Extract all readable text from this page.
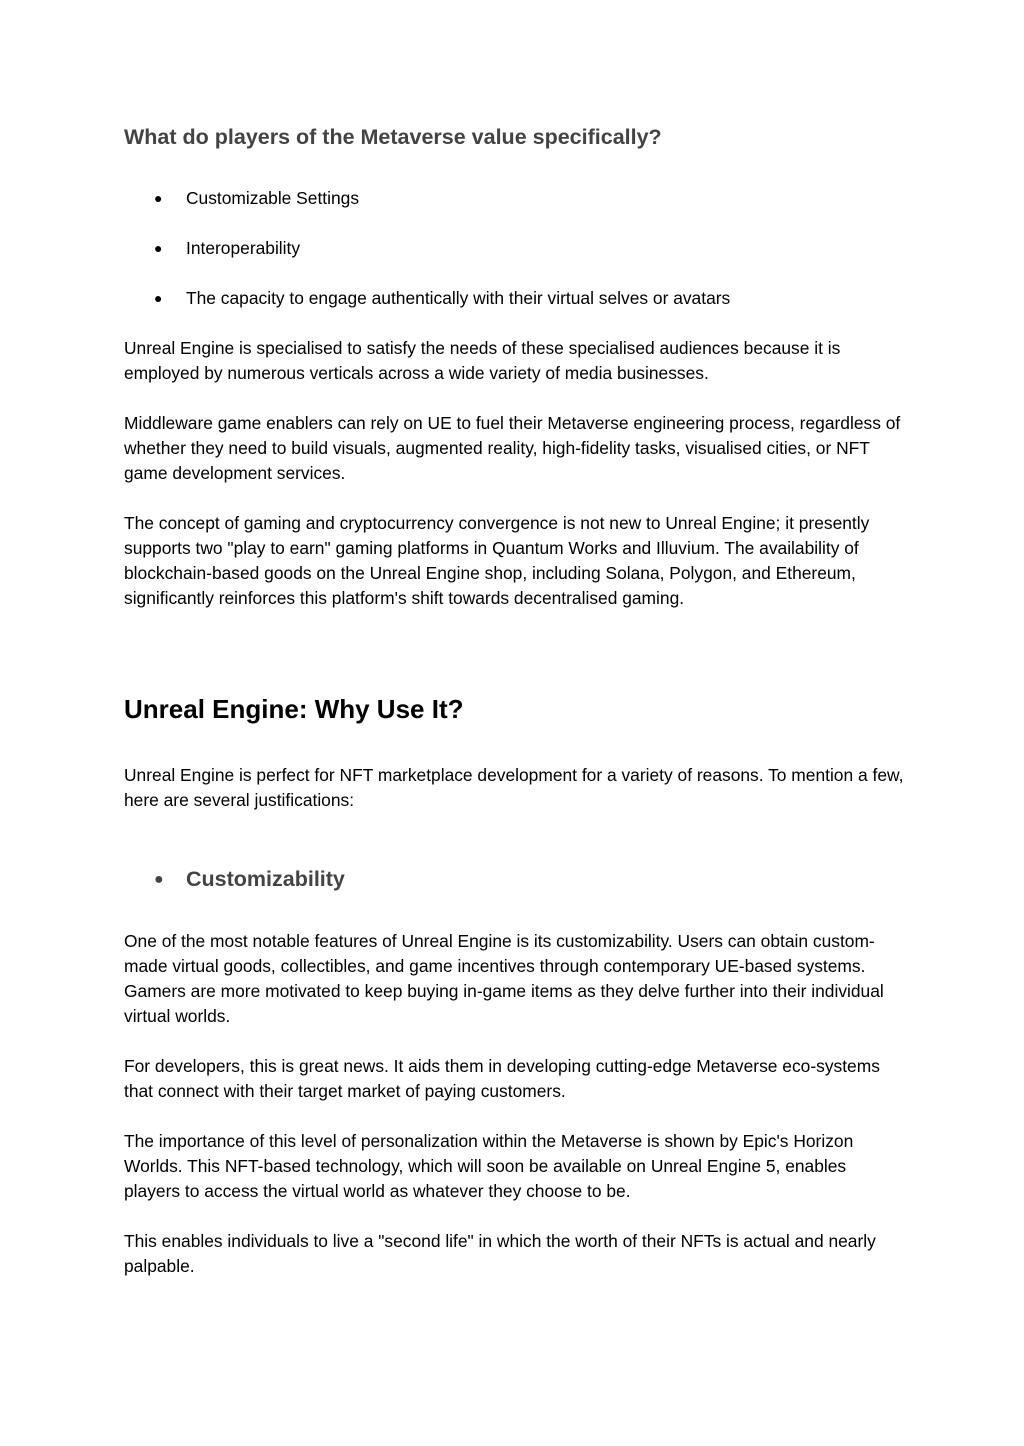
What do players of the Metaverse value specifically?
● Customizable Settings
● Interoperability
● The capacity to engage authentically with their virtual selves or avatars

Unreal Engine is specialised to satisfy the needs of these specialised audiences because it is employed by numerous verticals across a wide variety of media businesses.

Middleware game enablers can rely on UE to fuel their Metaverse engineering process, regardless of whether they need to build visuals, augmented reality, high-fidelity tasks, visualised cities, or NFT game development services.

The concept of gaming and cryptocurrency convergence is not new to Unreal Engine; it presently supports two "play to earn" gaming platforms in Quantum Works and Illuvium. The availability of blockchain-based goods on the Unreal Engine shop, including Solana, Polygon, and Ethereum, significantly reinforces this platform's shift towards decentralised gaming.

Unreal Engine: Why Use It?

Unreal Engine is perfect for NFT marketplace development for a variety of reasons. To mention a few, here are several justifications:

● Customizability

One of the most notable features of Unreal Engine is its customizability. Users can obtain custom-made virtual goods, collectibles, and game incentives through contemporary UE-based systems. Gamers are more motivated to keep buying in-game items as they delve further into their individual virtual worlds.

For developers, this is great news. It aids them in developing cutting-edge Metaverse eco-systems that connect with their target market of paying customers.

The importance of this level of personalization within the Metaverse is shown by Epic's Horizon Worlds. This NFT-based technology, which will soon be available on Unreal Engine 5, enables players to access the virtual world as whatever they choose to be.

This enables individuals to live a "second life" in which the worth of their NFTs is actual and nearly palpable.
